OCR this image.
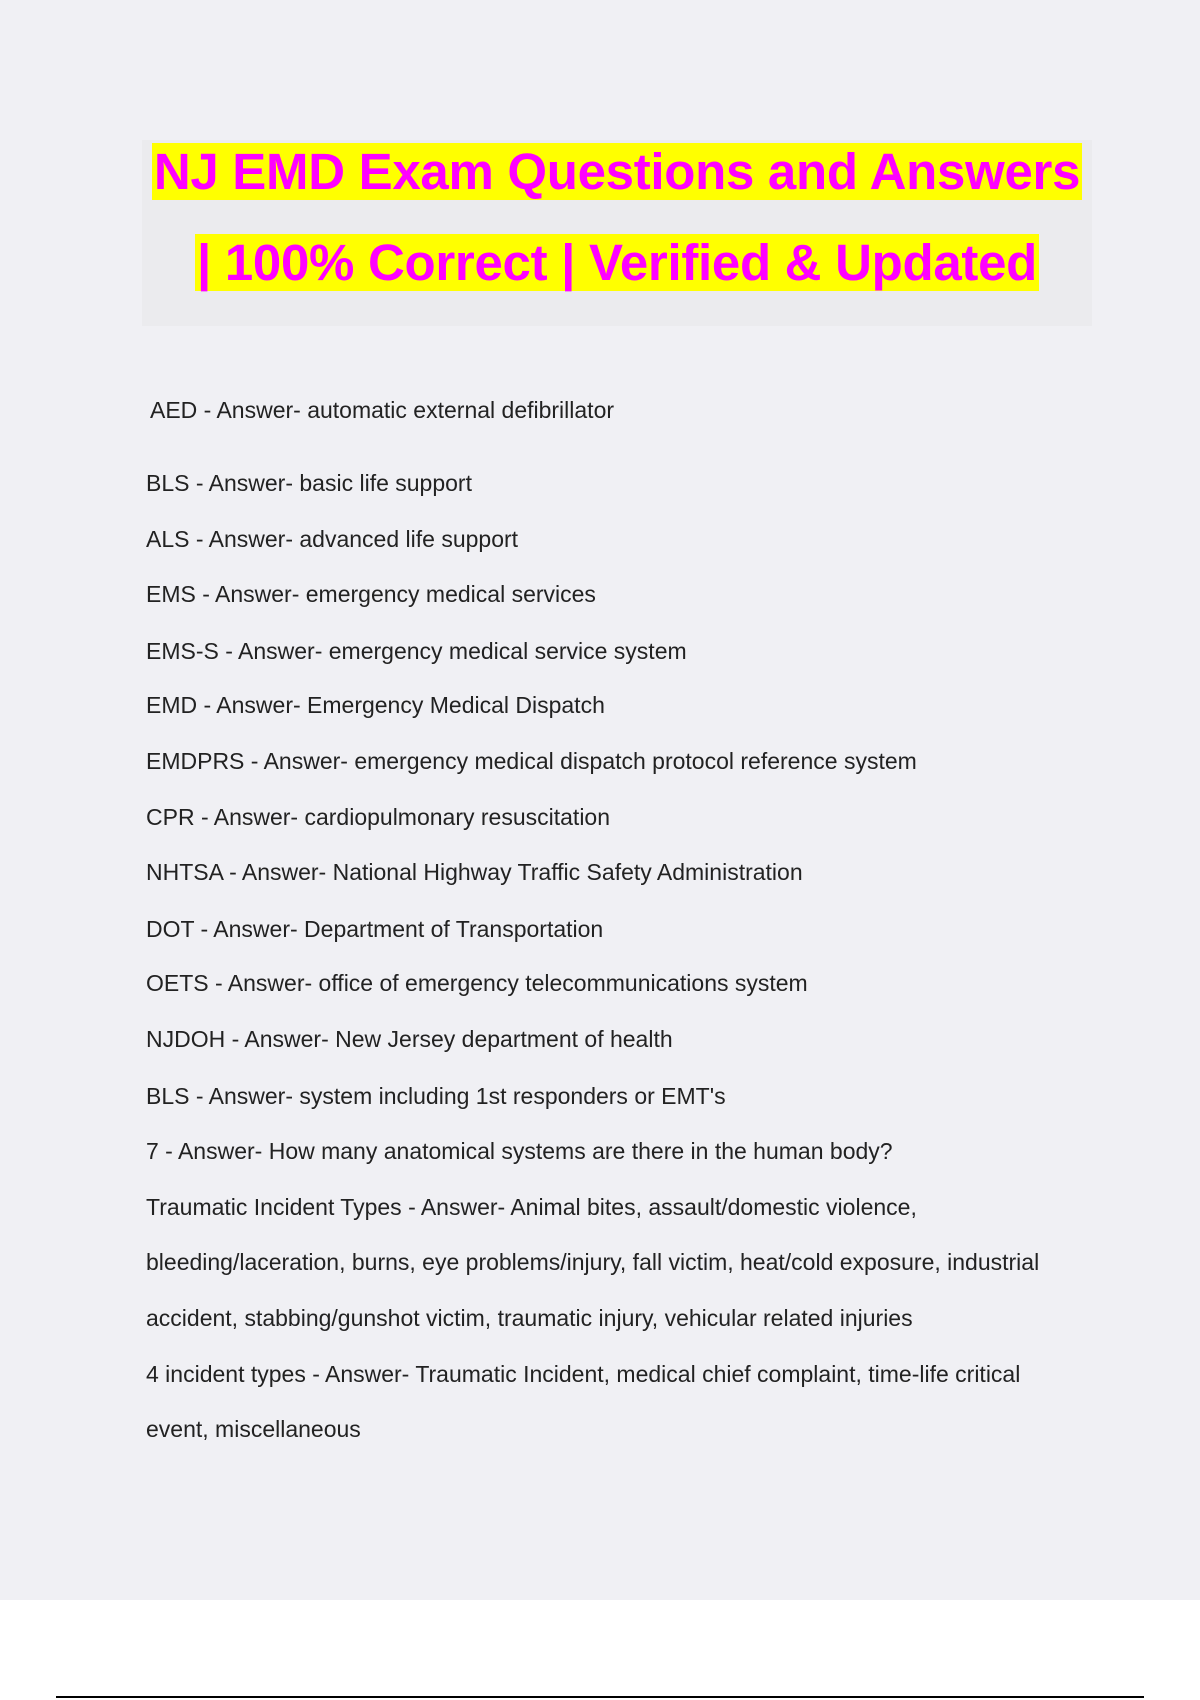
NJ EMD Exam Questions and Answers
| 100% Correct | Verified & Updated

AED - Answer- automatic external defibrillator

BLS - Answer- basic life support

ALS - Answer- advanced life support

EMS - Answer- emergency medical services

EMS-S - Answer- emergency medical service system

EMD - Answer- Emergency Medical Dispatch

EMDPRS - Answer- emergency medical dispatch protocol reference system

CPR - Answer- cardiopulmonary resuscitation

NHTSA - Answer- National Highway Traffic Safety Administration

DOT - Answer- Department of Transportation

OETS - Answer- office of emergency telecommunications system

NJDOH - Answer- New Jersey department of health

BLS - Answer- system including 1st responders or EMT's

7 - Answer- How many anatomical systems are there in the human body?

Traumatic Incident Types - Answer- Animal bites, assault/domestic violence,

bleeding/laceration, burns, eye problems/injury, fall victim, heat/cold exposure, industrial

accident, stabbing/gunshot victim, traumatic injury, vehicular related injuries

4 incident types - Answer- Traumatic Incident, medical chief complaint, time-life critical

event, miscellaneous
